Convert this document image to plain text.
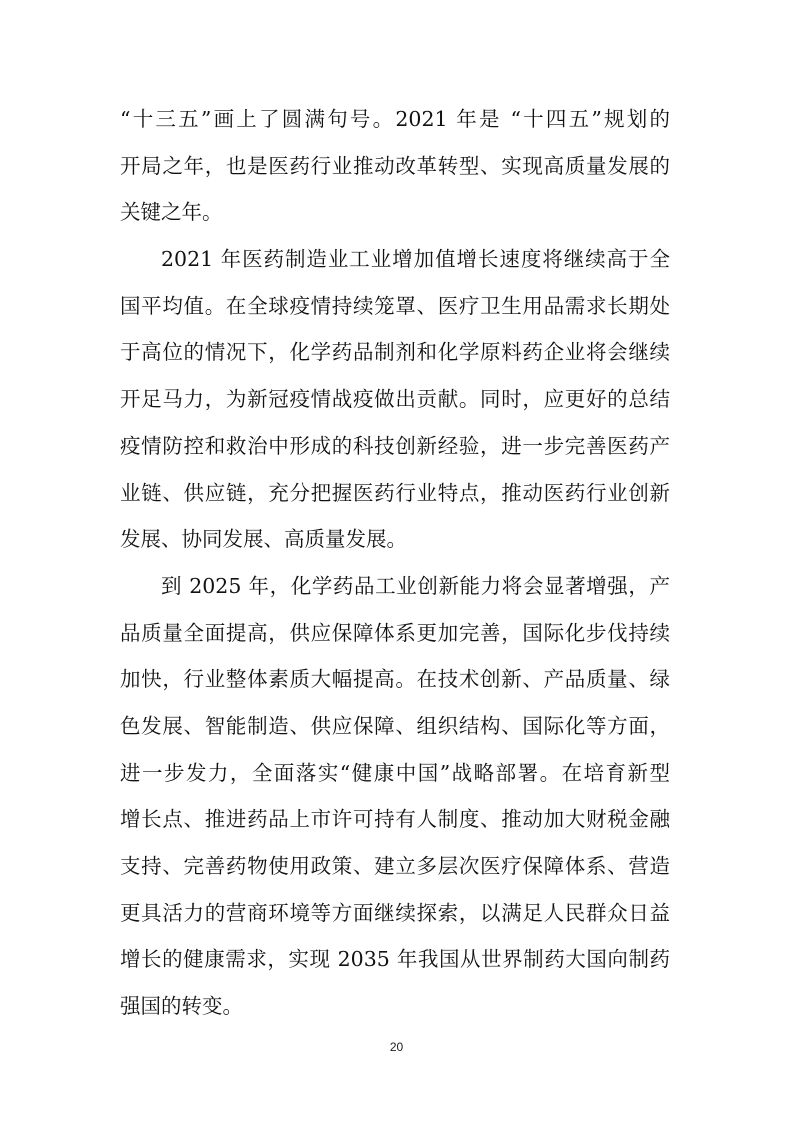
“十三五”画上了圆满句号。2021 年是 “十四五”规划的
开局之年，也是医药行业推动改革转型、实现高质量发展的
关键之年。
2021 年医药制造业工业增加值增长速度将继续高于全
国平均值。在全球疫情持续笼罩、医疗卫生用品需求长期处
于高位的情况下，化学药品制剂和化学原料药企业将会继续
开足马力，为新冠疫情战疫做出贡献。同时，应更好的总结
疫情防控和救治中形成的科技创新经验，进一步完善医药产
业链、供应链，充分把握医药行业特点，推动医药行业创新
发展、协同发展、高质量发展。
到 2025 年，化学药品工业创新能力将会显著增强，产
品质量全面提高，供应保障体系更加完善，国际化步伐持续
加快，行业整体素质大幅提高。在技术创新、产品质量、绿
色发展、智能制造、供应保障、组织结构、国际化等方面，
进一步发力，全面落实“健康中国”战略部署。在培育新型
增长点、推进药品上市许可持有人制度、推动加大财税金融
支持、完善药物使用政策、建立多层次医疗保障体系、营造
更具活力的营商环境等方面继续探索，以满足人民群众日益
增长的健康需求，实现 2035 年我国从世界制药大国向制药
强国的转变。
20
